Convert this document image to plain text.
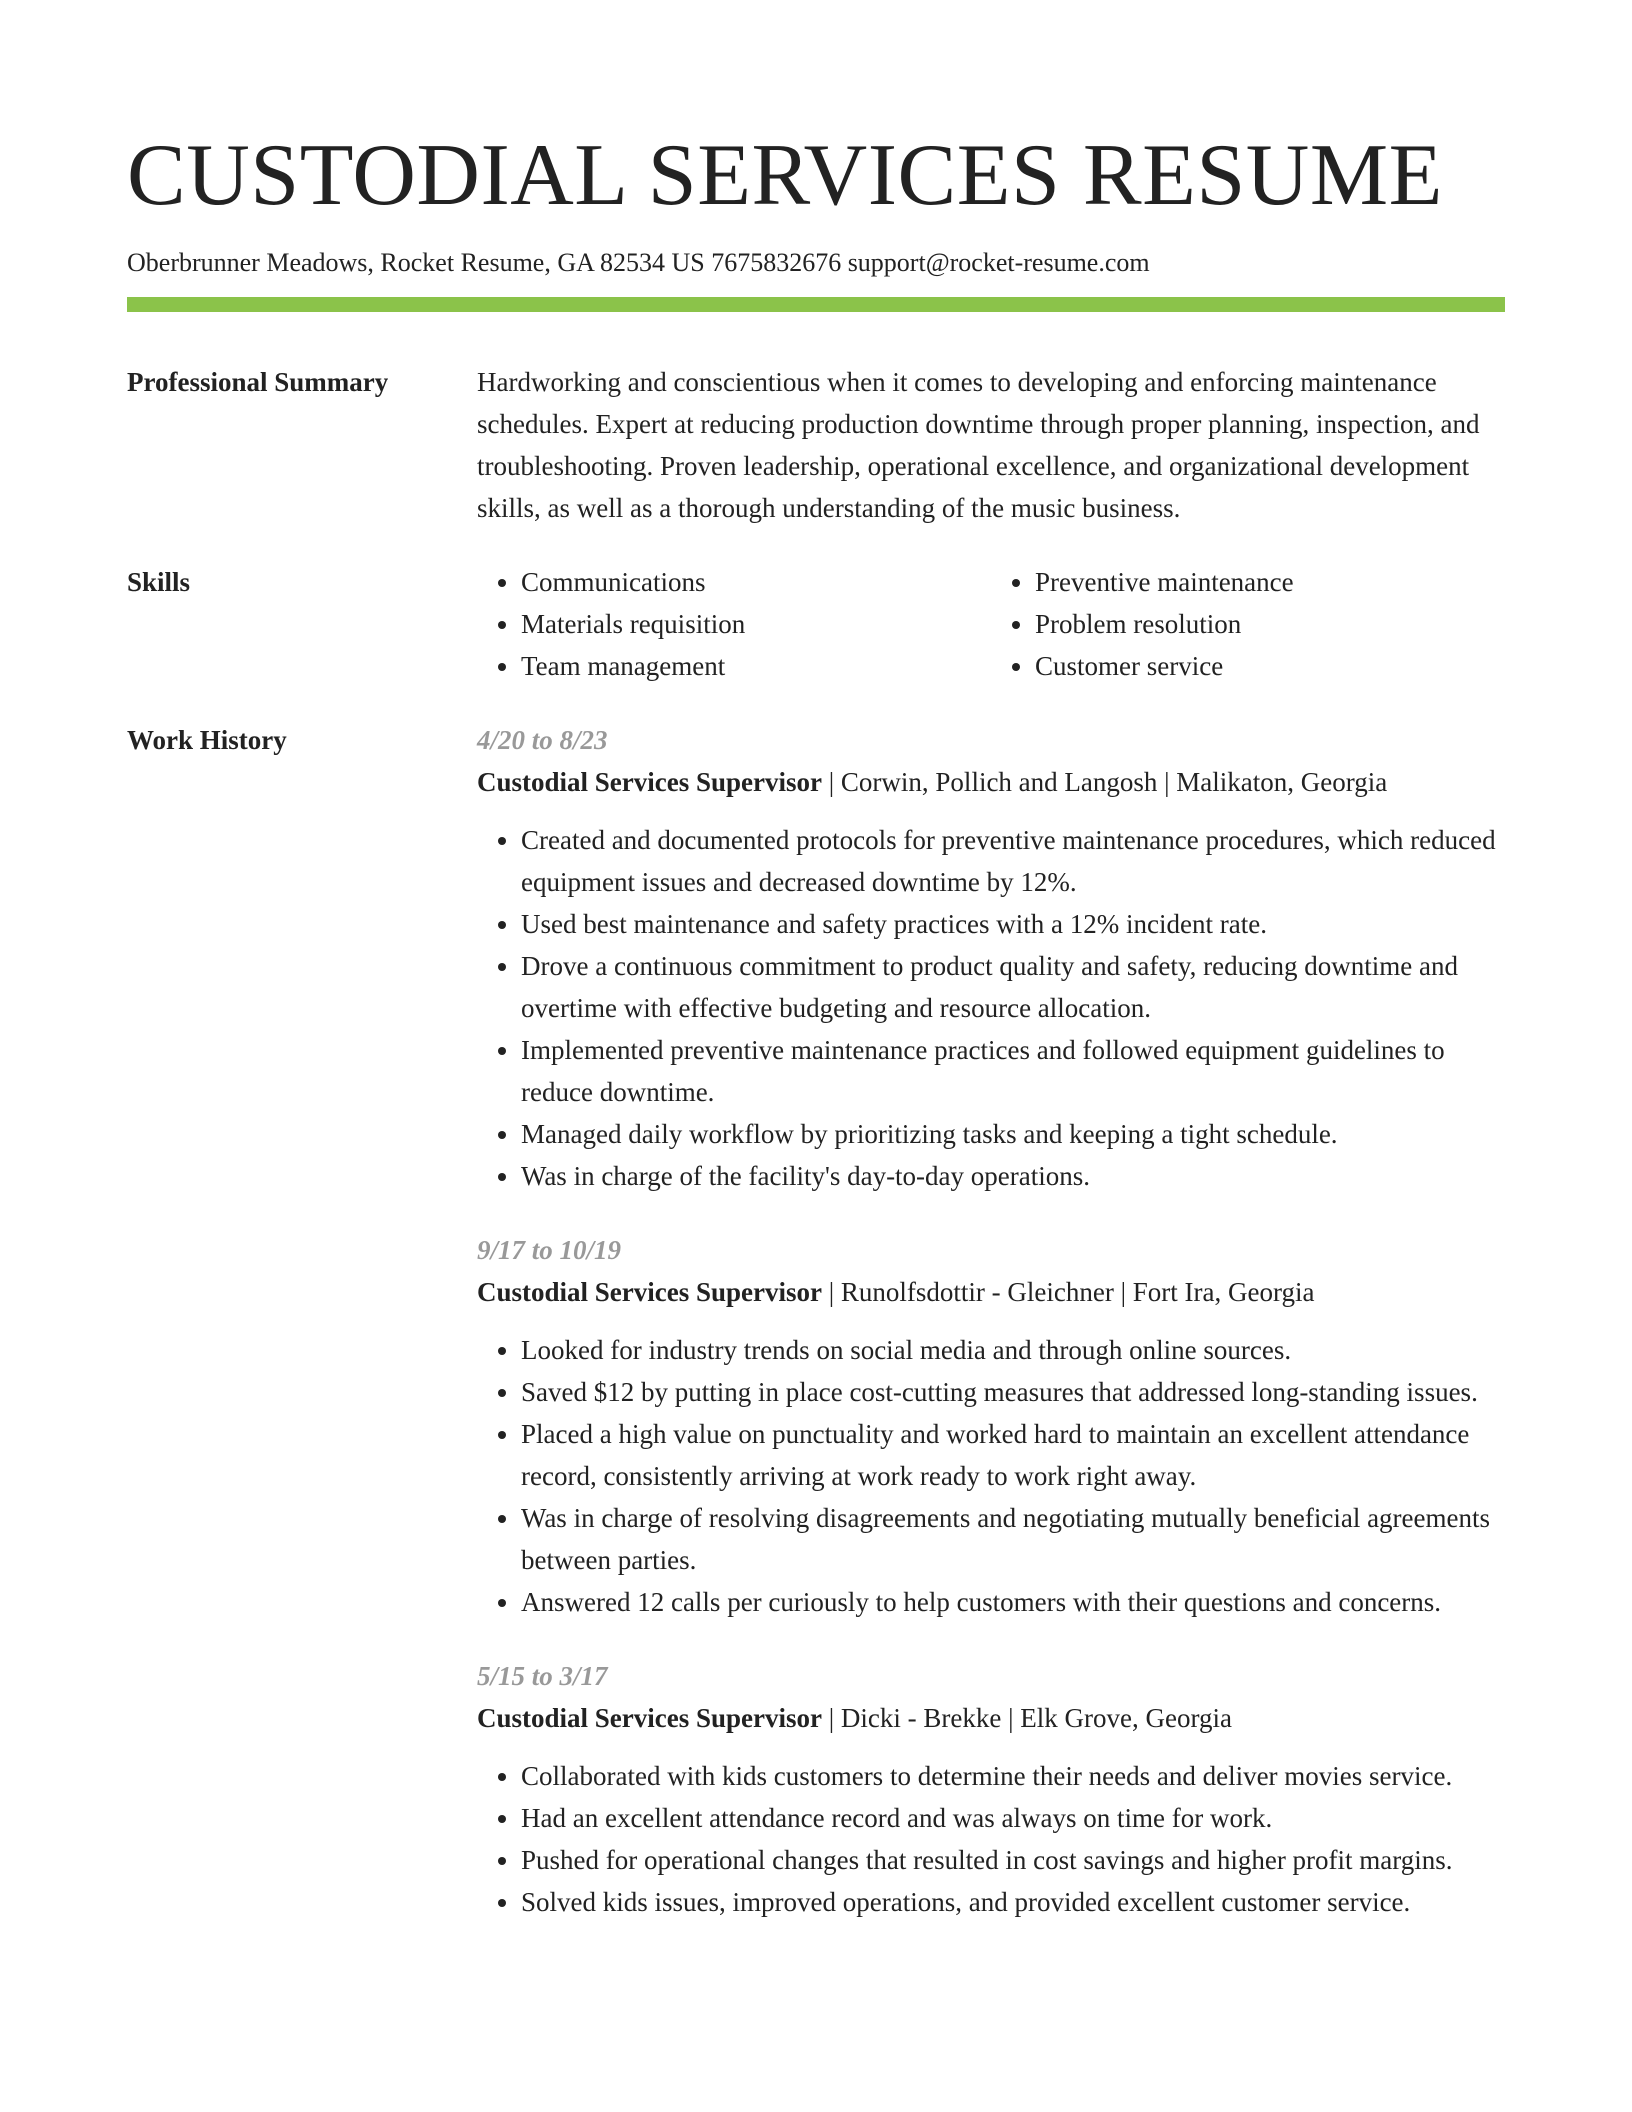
CUSTODIAL SERVICES RESUME
Oberbrunner Meadows, Rocket Resume, GA 82534 US 7675832676 support@rocket-resume.com
Professional Summary	Hardworking and conscientious when it comes to developing and enforcing maintenance schedules. Expert at reducing production downtime through proper planning, inspection, and troubleshooting. Proven leadership, operational excellence, and organizational development skills, as well as a thorough understanding of the music business.
Skills
•	Communications
• Materials requisition
• Team management
• Preventive maintenance
• Problem resolution
• Customer service
Work History	4/20 to 8/23
Custodial Services Supervisor | Corwin, Pollich and Langosh | Malikaton, Georgia
• Created and documented protocols for preventive maintenance procedures, which reduced equipment issues and decreased downtime by 12%.
• Used best maintenance and safety practices with a 12% incident rate.
• Drove a continuous commitment to product quality and safety, reducing downtime and overtime with effective budgeting and resource allocation.
• Implemented preventive maintenance practices and followed equipment guidelines to reduce downtime.
• Managed daily workflow by prioritizing tasks and keeping a tight schedule.
• Was in charge of the facility's day-to-day operations.
9/17 to 10/19
Custodial Services Supervisor | Runolfsdottir - Gleichner | Fort Ira, Georgia
• Looked for industry trends on social media and through online sources.
• Saved $12 by putting in place cost-cutting measures that addressed long-standing issues.
• Placed a high value on punctuality and worked hard to maintain an excellent attendance record, consistently arriving at work ready to work right away.
• Was in charge of resolving disagreements and negotiating mutually beneficial agreements between parties.
• Answered 12 calls per curiously to help customers with their questions and concerns.
5/15 to 3/17
Custodial Services Supervisor | Dicki - Brekke | Elk Grove, Georgia
• Collaborated with kids customers to determine their needs and deliver movies service.
• Had an excellent attendance record and was always on time for work.
• Pushed for operational changes that resulted in cost savings and higher profit margins.
• Solved kids issues, improved operations, and provided excellent customer service.
